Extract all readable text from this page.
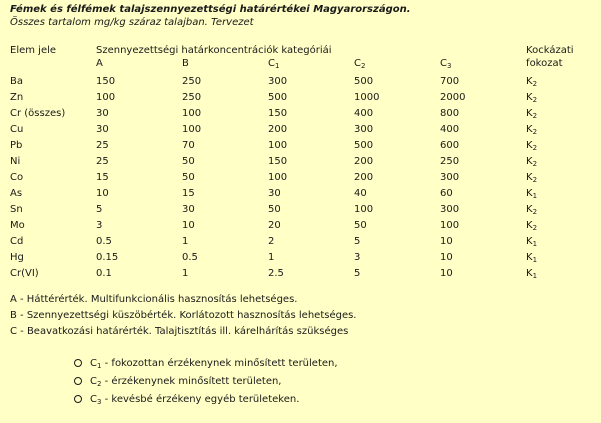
Fémek és félfémek talajszennyezettségi határértékei Magyarországon.
Összes tartalom mg/kg száraz talajban. Tervezet
Elem jele	Szennyezettségi határkoncentrációk kategóriái					Kockázati
	A	B	$C_1$	$C_2$	$C_3$	fokozat
Ba	150	250	300	500	700	$K_2$
Zn	100	250	500	1000	2000	$K_2$
Cr (összes)	30	100	150	400	800	$K_2$
Cu	30	100	200	300	400	$K_2$
Pb	25	70	100	500	600	$K_2$
Ni	25	50	150	200	250	$K_2$
Co	15	50	100	200	300	$K_2$
As	10	15	30	40	60	$K_1$
Sn	5	30	50	100	300	$K_2$
Mo	3	10	20	50	100	$K_2$
Cd	0.5	1	2	5	10	$K_1$
Hg	0.15	0.5	1	3	10	$K_1$
Cr(VI)	0.1	1	2.5	5	10	$K_1$
A - Háttérérték. Multifunkcionális hasznosítás lehetséges.
B - Szennyezettségi küszöbérték. Korlátozott hasznosítás lehetséges.
C - Beavatkozási határérték. Talajtisztítás ill. kárelhárítás szükséges
$C_1$ - fokozottan érzékenynek minősített területen,
$C_2$ - érzékenynek minősített területen,
$C_3$ - kevésbé érzékeny egyéb területeken.
